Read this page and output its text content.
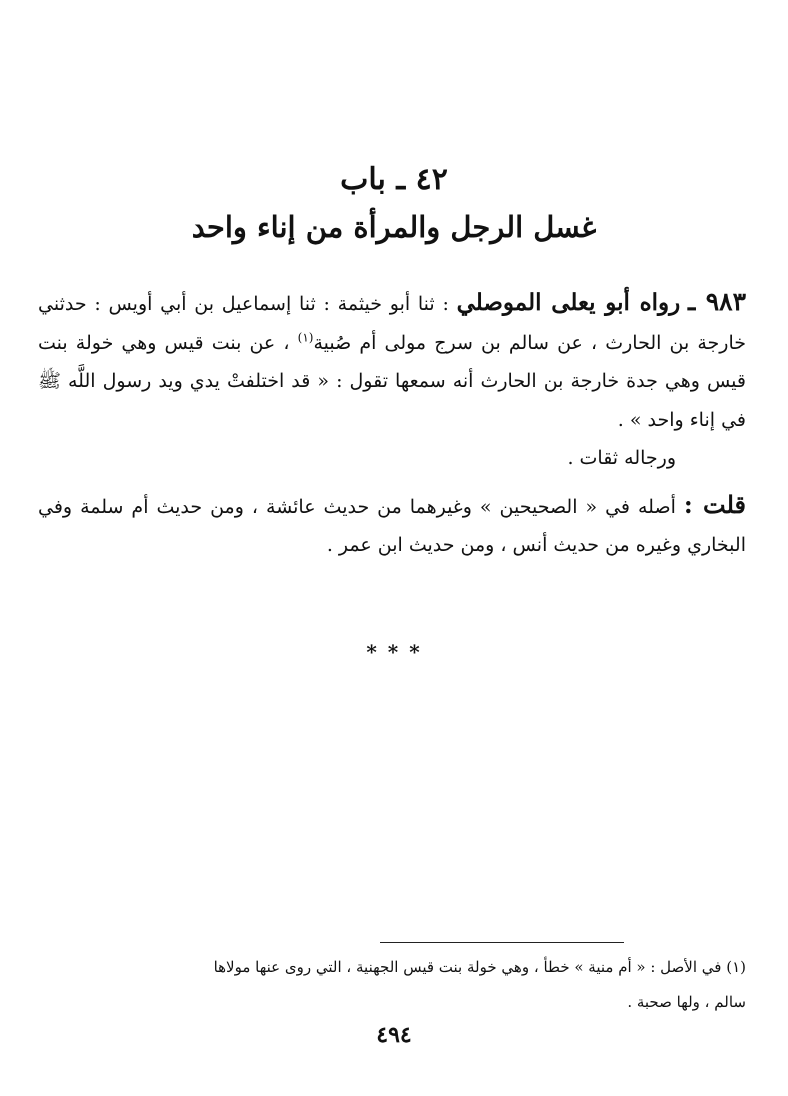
٤٢ ـ باب
غسل الرجل والمرأة من إناء واحد

٩٨٣ ـ رواه أبو يعلى الموصلي : ثنا أبو خيثمة : ثنا إسماعيل بن أبي أويس : حدثني خارجة بن الحارث ، عن سالم بن سرج مولى أم صُبية$^{(١)}$ ، عن بنت قيس وهي خولة بنت قيس وهي جدة خارجة بن الحارث أنه سمعها تقول : « قد اختلفتْ يدي ويد رسول اللَّه ﷺ في إناء واحد » .

ورجاله ثقات .

قلت : أصله في « الصحيحين » وغيرهما من حديث عائشة ، ومن حديث أم سلمة وفي البخاري وغيره من حديث أنس ، ومن حديث ابن عمر .

* * *

(١) في الأصل : « أم منية » خطأ ، وهي خولة بنت قيس الجهنية ، التي روى عنها مولاها

سالم ، ولها صحبة .

٤٩٤
